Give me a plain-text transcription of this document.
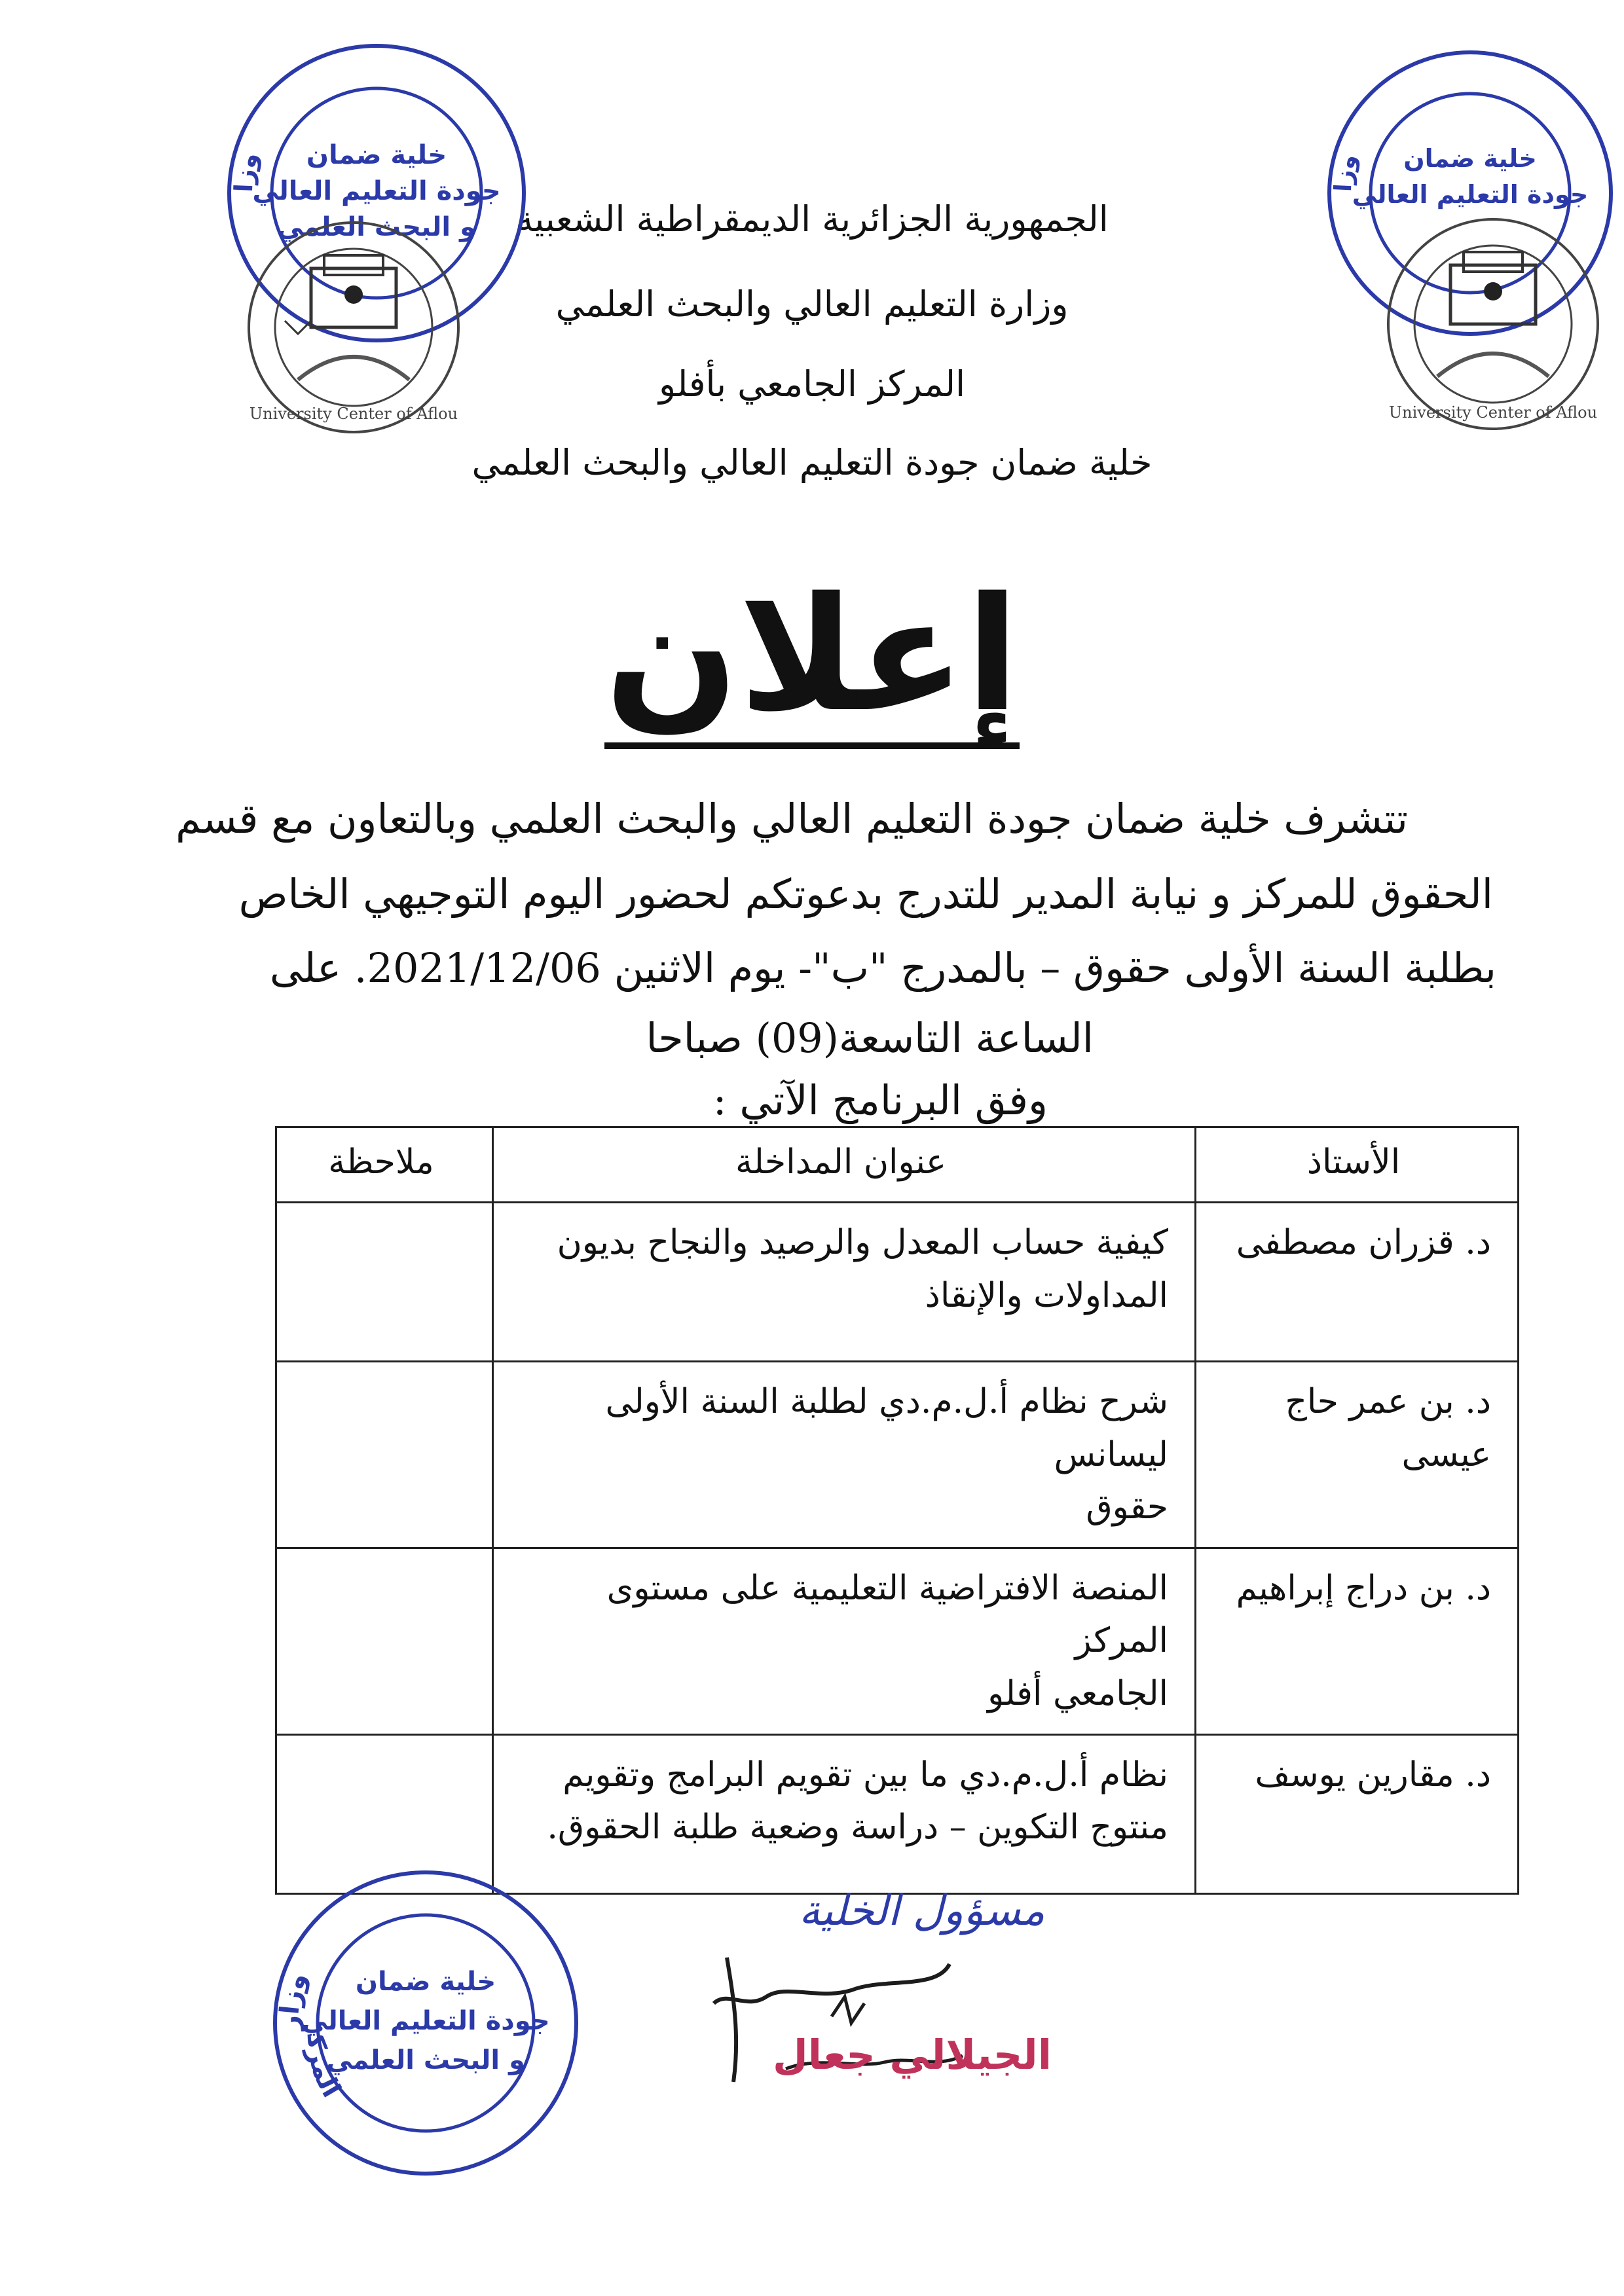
الجمهورية الجزائرية الديمقراطية الشعبية
وزارة التعليم العالي والبحث العلمي
المركز الجامعي بأفلو
خلية ضمان جودة التعليم العالي والبحث العلمي
وزا
خلية ضمان
جودة التعليم العالي
و البحث العلمي
University Center of Aflou
وزا
خلية ضمان
جودة التعليم العالي
University Center of Aflou
إعلان
تتشرف خلية ضمان جودة التعليم العالي والبحث العلمي وبالتعاون مع قسم
الحقوق للمركز و نيابة المدير للتدرج بدعوتكم لحضور اليوم التوجيهي الخاص
بطلبة السنة الأولى حقوق – بالمدرج "ب"- يوم الاثنين 2021/12/06. على
الساعة التاسعة(09) صباحا
وفق البرنامج الآتي :
الأستاذ	عنوان المداخلة	ملاحظة
د. قزران مصطفى	كيفية حساب المعدل والرصيد والنجاح بديون
المداولات والإنقاذ	

د. بن عمر حاج عيسى	شرح نظام أ.ل.م.دي لطلبة السنة الأولى ليسانس
حقوق	

د. بن دراج إبراهيم	المنصة الافتراضية التعليمية على مستوى المركز
الجامعي أفلو	

د. مقارين يوسف	نظام أ.ل.م.دي ما بين تقويم البرامج وتقويم
منتوج التكوين – دراسة وضعية طلبة الحقوق.	

وزار
المرك
خلية ضمان
جودة التعليم العالي
و البحث العلمي
مسؤول الخلية
الجيلالي جعال
